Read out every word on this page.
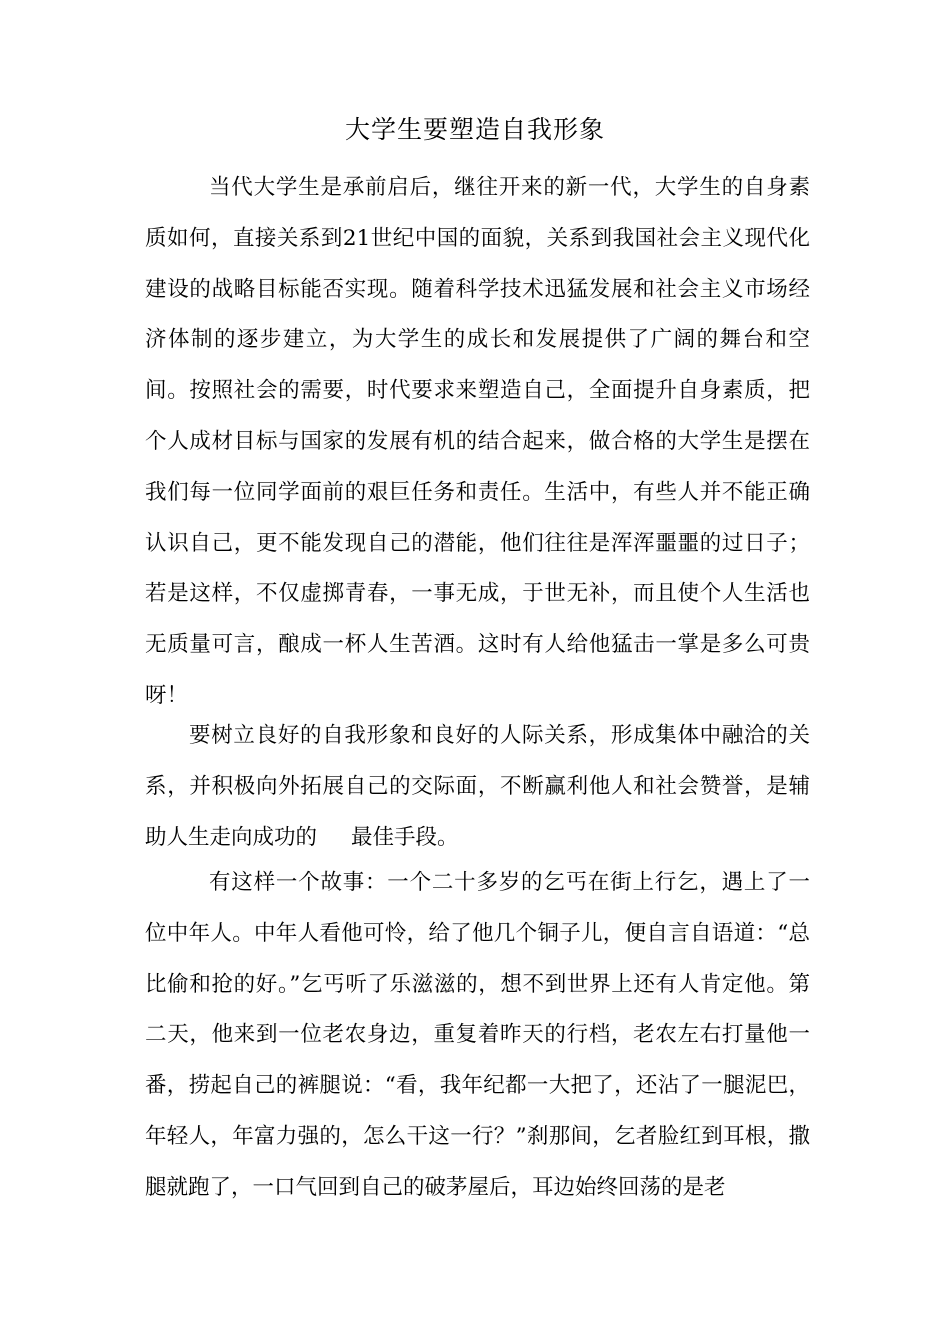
大学生要塑造自我形象
当代大学生是承前启后，继往开来的新一代，大学生的自身素质如何，直接关系到21世纪中国的面貌，关系到我国社会主义现代化建设的战略目标能否实现。随着科学技术迅猛发展和社会主义市场经济体制的逐步建立，为大学生的成长和发展提供了广阔的舞台和空间。按照社会的需要，时代要求来塑造自己，全面提升自身素质，把个人成材目标与国家的发展有机的结合起来，做合格的大学生是摆在我们每一位同学面前的艰巨任务和责任。生活中，有些人并不能正确认识自己，更不能发现自己的潜能，他们往往是浑浑噩噩的过日子；若是这样，不仅虚掷青春，一事无成，于世无补，而且使个人生活也无质量可言，酿成一杯人生苦酒。这时有人给他猛击一掌是多么可贵呀！
要树立良好的自我形象和良好的人际关系，形成集体中融洽的关系，并积极向外拓展自己的交际面，不断赢利他人和社会赞誉，是辅助人生走向成功的 最佳手段。
有这样一个故事：一个二十多岁的乞丐在街上行乞，遇上了一位中年人。中年人看他可怜，给了他几个铜子儿，便自言自语道：“总比偷和抢的好。”乞丐听了乐滋滋的，想不到世界上还有人肯定他。第二天，他来到一位老农身边，重复着昨天的行档，老农左右打量他一番，捞起自己的裤腿说：“看，我年纪都一大把了，还沾了一腿泥巴，年轻人，年富力强的，怎么干这一行？”刹那间，乞者脸红到耳根，撒腿就跑了，一口气回到自己的破茅屋后，耳边始终回荡的是老
